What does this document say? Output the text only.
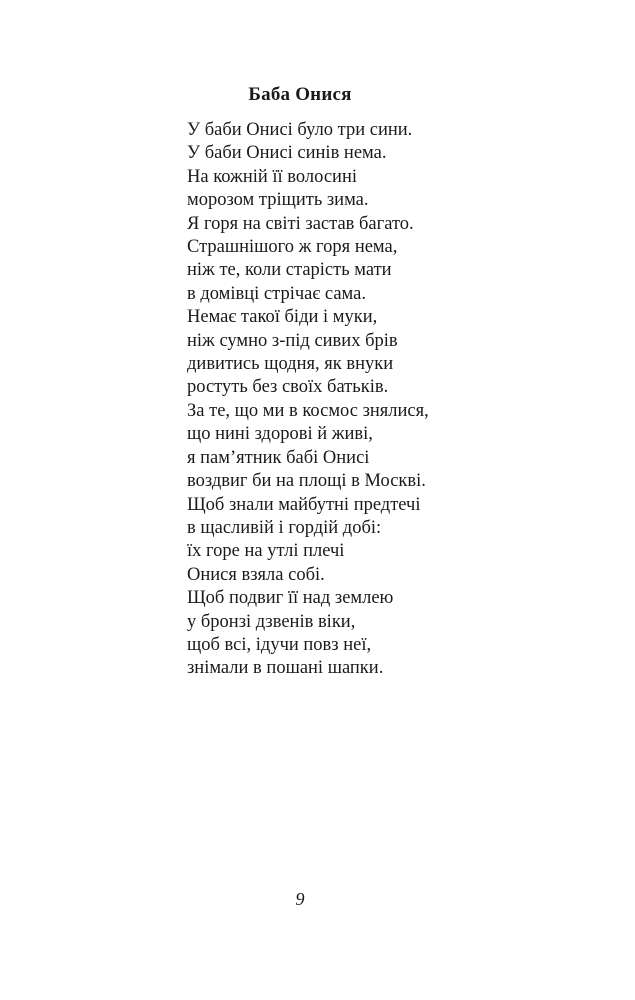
Баба Онися
У баби Онисі було три сини.
У баби Онисі синів нема.
На кожній її волосині
морозом тріщить зима.
Я горя на світі застав багато.
Страшнішого ж горя нема,
ніж те, коли старість мати
в домівці стрічає сама.
Немає такої біди і муки,
ніж сумно з-під сивих брів
дивитись щодня, як внуки
ростуть без своїх батьків.
За те, що ми в космос знялися,
що нині здорові й живі,
я пам’ятник бабі Онисі
воздвиг би на площі в Москві.
Щоб знали майбутні предтечі
в щасливій і гордій добі:
їх горе на утлі плечі
Онися взяла собі.
Щоб подвиг її над землею
у бронзі дзвенів віки,
щоб всі, ідучи повз неї,
знімали в пошані шапки.
9
